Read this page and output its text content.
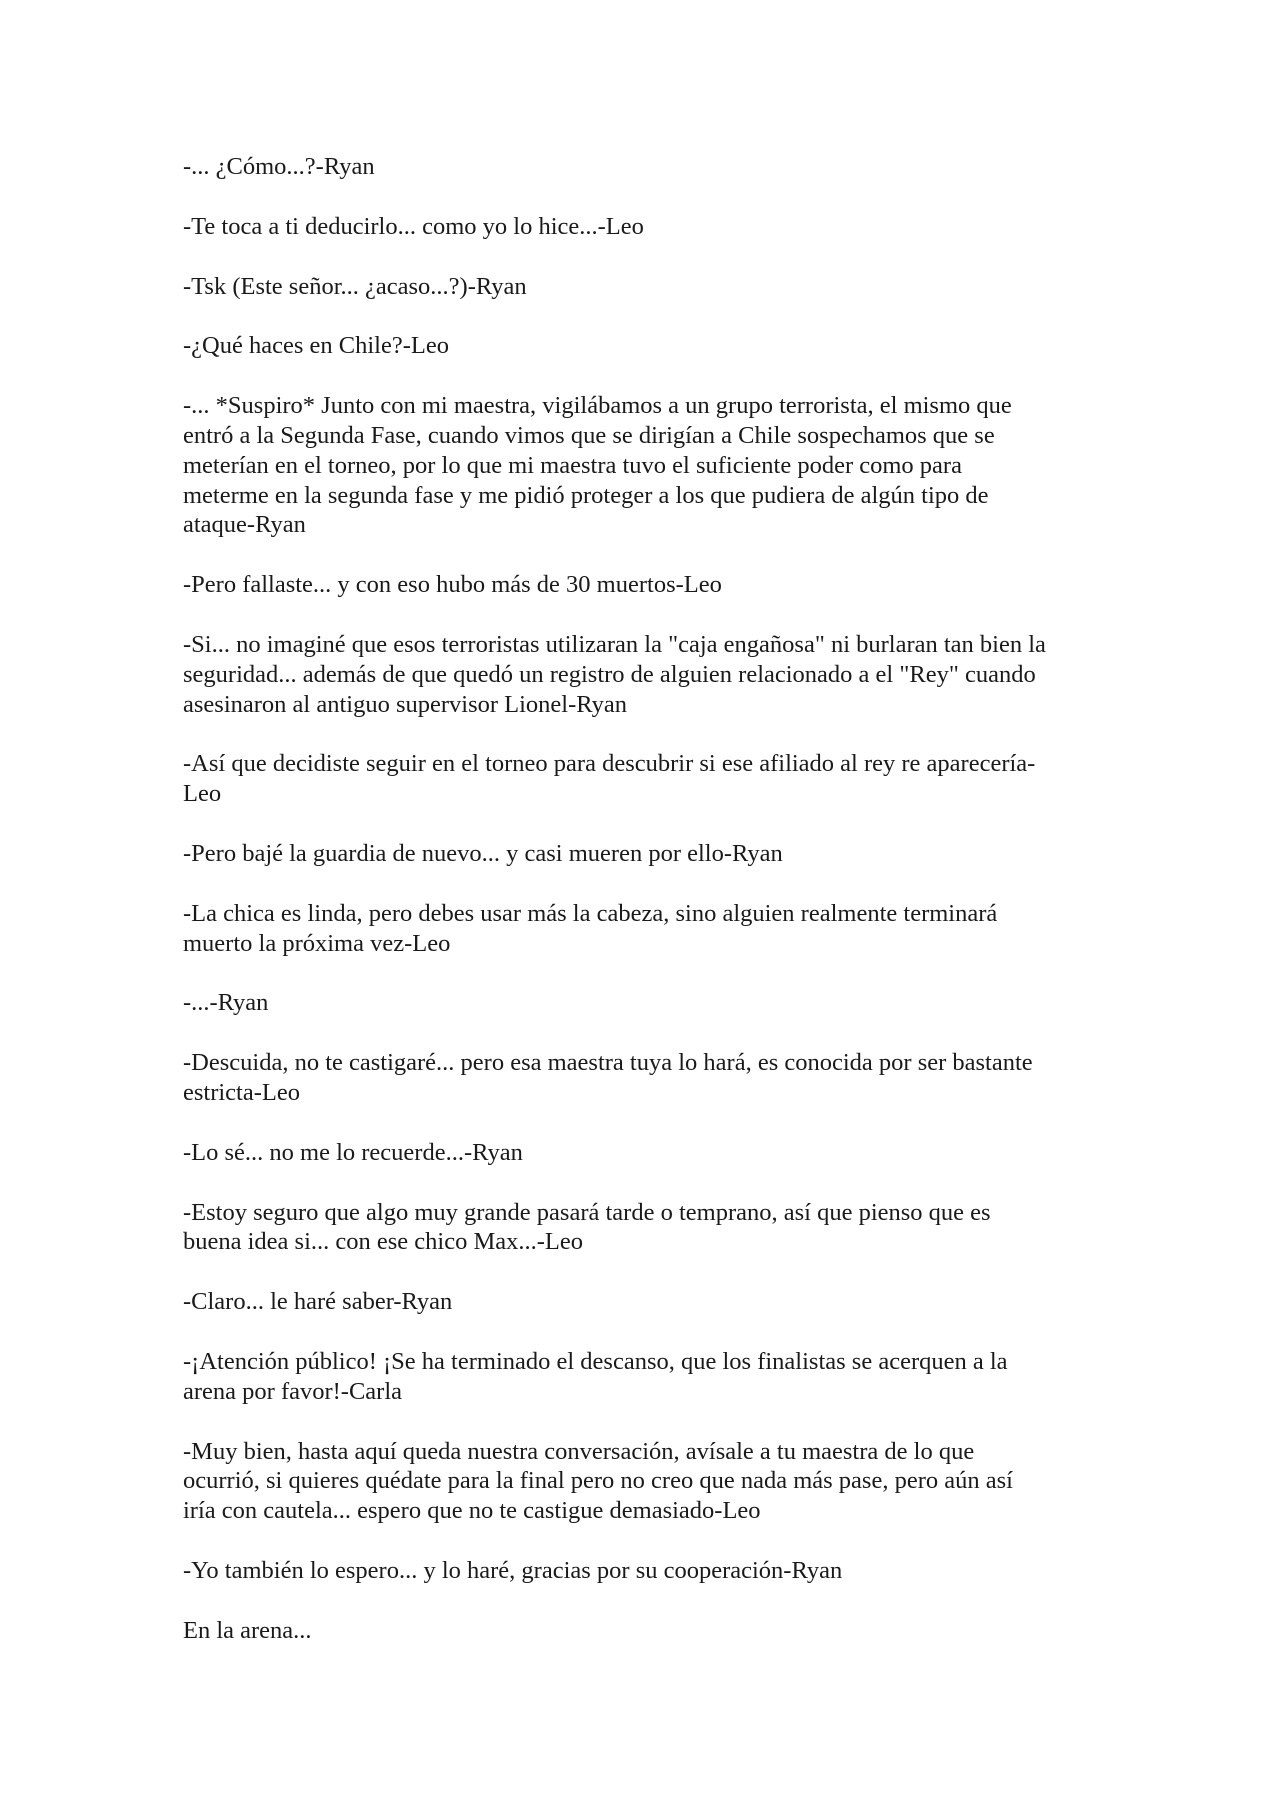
-... ¿Cómo...?-Ryan

-Te toca a ti deducirlo... como yo lo hice...-Leo

-Tsk (Este señor... ¿acaso...?)-Ryan

-¿Qué haces en Chile?-Leo

-... *Suspiro* Junto con mi maestra, vigilábamos a un grupo terrorista, el mismo que
entró a la Segunda Fase, cuando vimos que se dirigían a Chile sospechamos que se
meterían en el torneo, por lo que mi maestra tuvo el suficiente poder como para
meterme en la segunda fase y me pidió proteger a los que pudiera de algún tipo de
ataque-Ryan

-Pero fallaste... y con eso hubo más de 30 muertos-Leo

-Si... no imaginé que esos terroristas utilizaran la "caja engañosa" ni burlaran tan bien la
seguridad... además de que quedó un registro de alguien relacionado a el "Rey" cuando
asesinaron al antiguo supervisor Lionel-Ryan

-Así que decidiste seguir en el torneo para descubrir si ese afiliado al rey re aparecería-
Leo

-Pero bajé la guardia de nuevo... y casi mueren por ello-Ryan

-La chica es linda, pero debes usar más la cabeza, sino alguien realmente terminará
muerto la próxima vez-Leo

-...-Ryan

-Descuida, no te castigaré... pero esa maestra tuya lo hará, es conocida por ser bastante
estricta-Leo

-Lo sé... no me lo recuerde...-Ryan

-Estoy seguro que algo muy grande pasará tarde o temprano, así que pienso que es
buena idea si... con ese chico Max...-Leo

-Claro... le haré saber-Ryan

-¡Atención público! ¡Se ha terminado el descanso, que los finalistas se acerquen a la
arena por favor!-Carla

-Muy bien, hasta aquí queda nuestra conversación, avísale a tu maestra de lo que
ocurrió, si quieres quédate para la final pero no creo que nada más pase, pero aún así
iría con cautela... espero que no te castigue demasiado-Leo

-Yo también lo espero... y lo haré, gracias por su cooperación-Ryan

En la arena...
